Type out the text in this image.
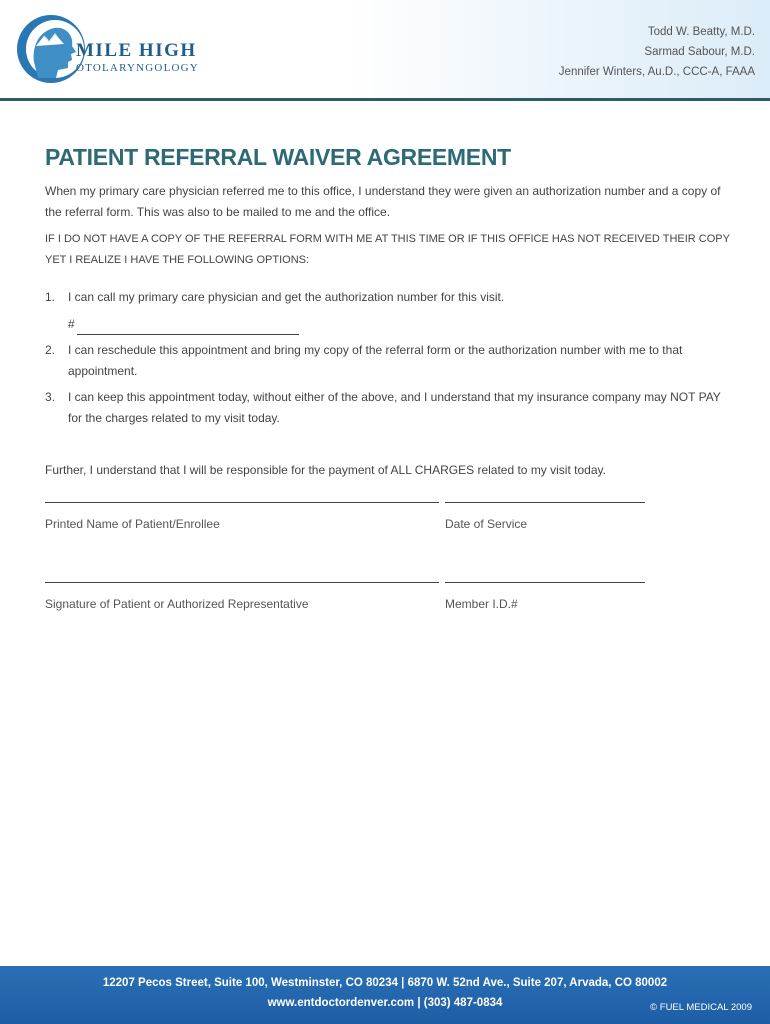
MILE HIGH
OTOLARYNGOLOGY
Todd W. Beatty, M.D.
Sarmad Sabour, M.D.
Jennifer Winters, Au.D., CCC-A, FAAA
PATIENT REFERRAL WAIVER AGREEMENT
When my primary care physician referred me to this office, I understand they were given an authorization number and a copy of the referral form. This was also to be mailed to me and the office.
IF I DO NOT HAVE A COPY OF THE REFERRAL FORM WITH ME AT THIS TIME OR IF THIS OFFICE HAS NOT RECEIVED THEIR COPY YET I REALIZE I HAVE THE FOLLOWING OPTIONS:
1.	I can call my primary care physician and get the authorization number for this visit.
#
2.	I can reschedule this appointment and bring my copy of the referral form or the authorization number with me to that appointment.
3.	I can keep this appointment today, without either of the above, and I understand that my insurance company may NOT PAY for the charges related to my visit today.
Further, I understand that I will be responsible for the payment of ALL CHARGES related to my visit today.
Printed Name of Patient/Enrollee	Date of Service
Signature of Patient or Authorized Representative	Member I.D.#
12207 Pecos Street, Suite 100, Westminster, CO 80234 | 6870 W. 52nd Ave., Suite 207, Arvada, CO 80002
www.entdoctordenver.com | (303) 487-0834	© FUEL MEDICAL 2009
